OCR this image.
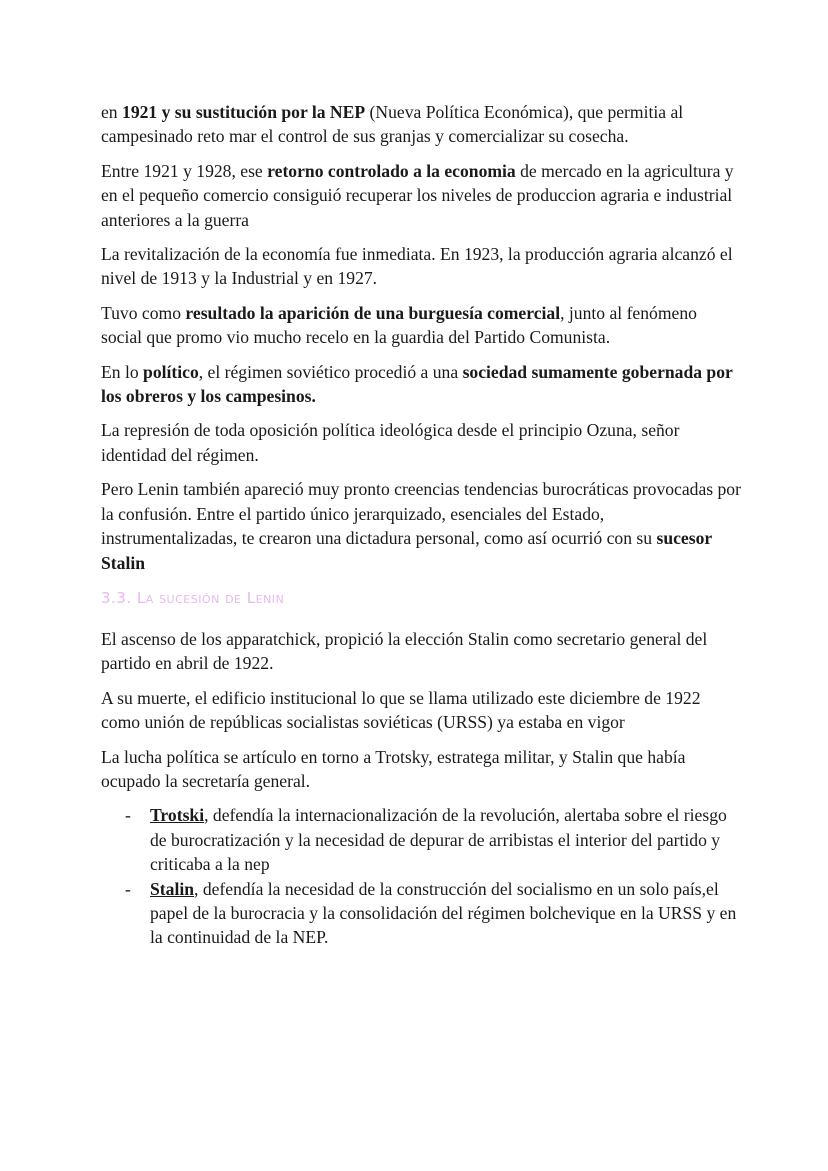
en 1921 y su sustitución por la NEP (Nueva Política Económica), que permitia al campesinado reto mar el control de sus granjas y comercializar su cosecha.

Entre 1921 y 1928, ese retorno controlado a la economia de mercado en la agricultura y en el pequeño comercio consiguió recuperar los niveles de produccion agraria e industrial anteriores a la guerra

La revitalización de la economía fue inmediata. En 1923, la producción agraria alcanzó el nivel de 1913 y la Industrial y en 1927.

Tuvo como resultado la aparición de una burguesía comercial, junto al fenómeno social que promo vio mucho recelo en la guardia del Partido Comunista.

En lo político, el régimen soviético procedió a una sociedad sumamente gobernada por los obreros y los campesinos.

La represión de toda oposición política ideológica desde el principio Ozuna, señor identidad del régimen.

Pero Lenin también apareció muy pronto creencias tendencias burocráticas provocadas por la confusión. Entre el partido único jerarquizado, esenciales del Estado, instrumentalizadas, te crearon una dictadura personal, como así ocurrió con su sucesor Stalin

3.3. La sucesión de Lenin

El ascenso de los apparatchick, propició la elección Stalin como secretario general del partido en abril de 1922.

A su muerte, el edificio institucional lo que se llama utilizado este diciembre de 1922 como unión de repúblicas socialistas soviéticas (URSS) ya estaba en vigor

La lucha política se artículo en torno a Trotsky, estratega militar, y Stalin que había ocupado la secretaría general.

- Trotski, defendía la internacionalización de la revolución, alertaba sobre el riesgo de burocratización y la necesidad de depurar de arribistas el interior del partido y criticaba a la nep
- Stalin, defendía la necesidad de la construcción del socialismo en un solo país,el papel de la burocracia y la consolidación del régimen bolchevique en la URSS y en la continuidad de la NEP.
